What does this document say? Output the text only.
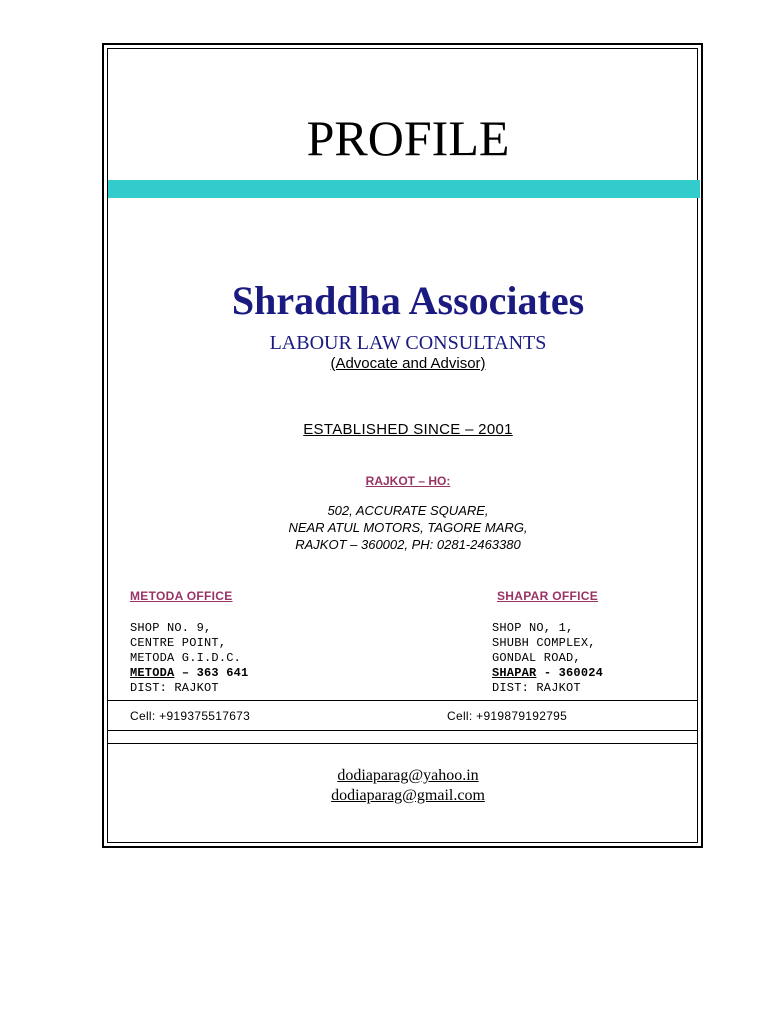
PROFILE
Shraddha Associates
LABOUR LAW CONSULTANTS
(Advocate and Advisor)
ESTABLISHED SINCE – 2001
RAJKOT – HO:
502, ACCURATE SQUARE,
NEAR ATUL MOTORS, TAGORE MARG,
RAJKOT – 360002, PH: 0281-2463380
METODA OFFICE	SHAPAR OFFICE
SHOP NO. 9,
CENTRE POINT,
METODA G.I.D.C.
METODA – 363 641
DIST: RAJKOT
SHOP NO, 1,
SHUBH COMPLEX,
GONDAL ROAD,
SHAPAR - 360024
DIST: RAJKOT
Cell: +919375517673	Cell: +919879192795
dodiaparag@yahoo.in
dodiaparag@gmail.com
